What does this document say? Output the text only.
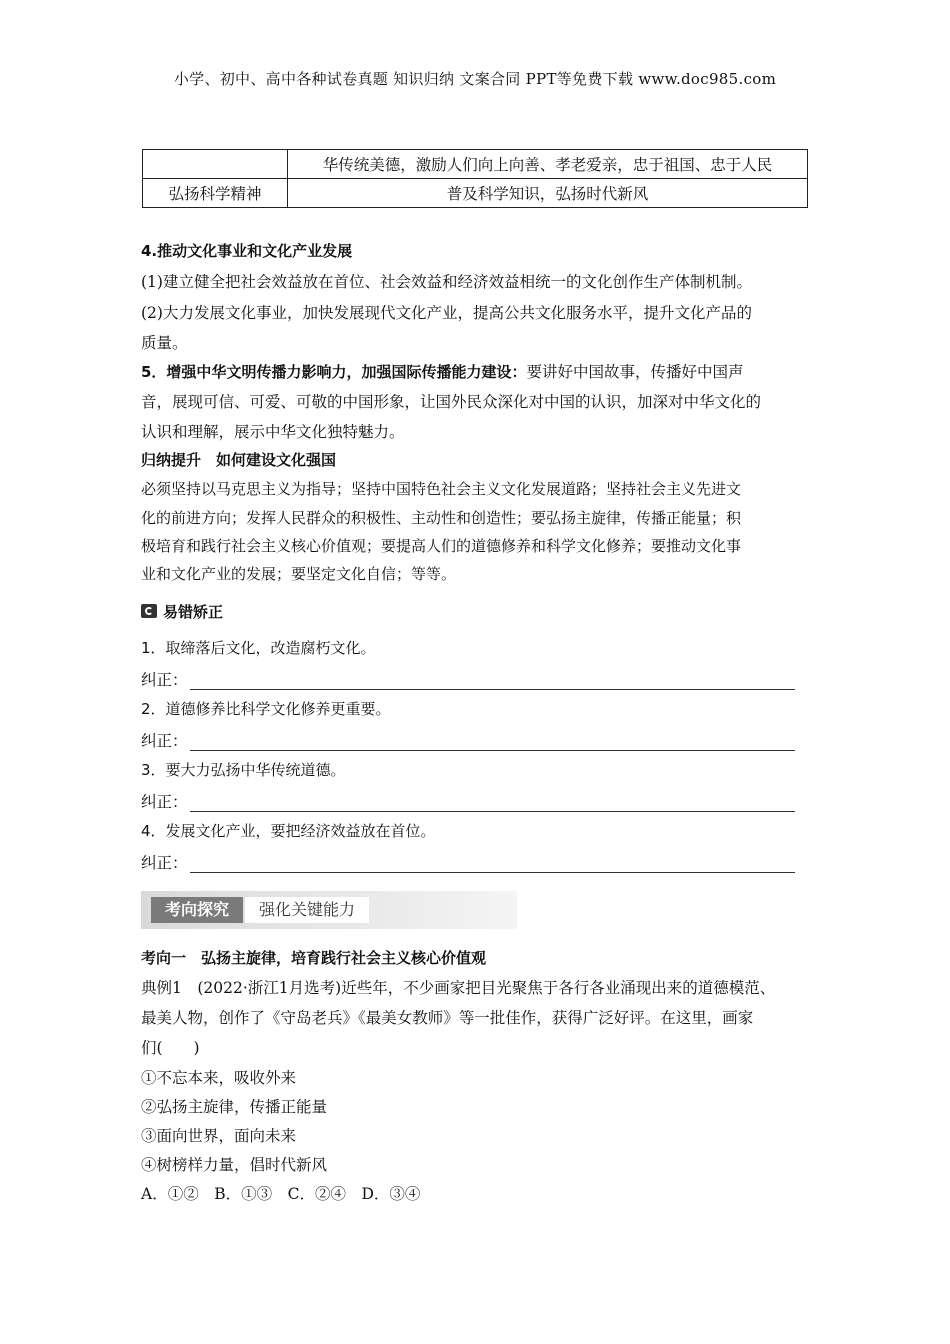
小学、初中、高中各种试卷真题 知识归纳 文案合同 PPT等免费下载 www.doc985.com
	华传统美德，激励人们向上向善、孝老爱亲，忠于祖国、忠于人民
弘扬科学精神	普及科学知识，弘扬时代新风
4.推动文化事业和文化产业发展
(1)建立健全把社会效益放在首位、社会效益和经济效益相统一的文化创作生产体制机制。
(2)大力发展文化事业，加快发展现代文化产业，提高公共文化服务水平，提升文化产品的
质量。
5．增强中华文明传播力影响力，加强国际传播能力建设：要讲好中国故事，传播好中国声
音，展现可信、可爱、可敬的中国形象，让国外民众深化对中国的认识，加深对中华文化的
认识和理解，展示中华文化独特魅力。
归纳提升　如何建设文化强国
必须坚持以马克思主义为指导；坚持中国特色社会主义文化发展道路；坚持社会主义先进文
化的前进方向；发挥人民群众的积极性、主动性和创造性；要弘扬主旋律，传播正能量；积
极培育和践行社会主义核心价值观；要提高人们的道德修养和科学文化修养；要推动文化事
业和文化产业的发展；要坚定文化自信；等等。
易错矫正
1．取缔落后文化，改造腐朽文化。
纠正：
2．道德修养比科学文化修养更重要。
纠正：
3．要大力弘扬中华传统道德。
纠正：
4．发展文化产业，要把经济效益放在首位。
纠正：
考向探究	强化关键能力
考向一　弘扬主旋律，培育践行社会主义核心价值观
典例1　(2022·浙江1月选考)近些年，不少画家把目光聚焦于各行各业涌现出来的道德模范、
最美人物，创作了《守岛老兵》《最美女教师》等一批佳作，获得广泛好评。在这里，画家
们(　　)
①不忘本来，吸收外来
②弘扬主旋律，传播正能量
③面向世界，面向未来
④树榜样力量，倡时代新风
A．①②　B．①③　C．②④　D．③④
